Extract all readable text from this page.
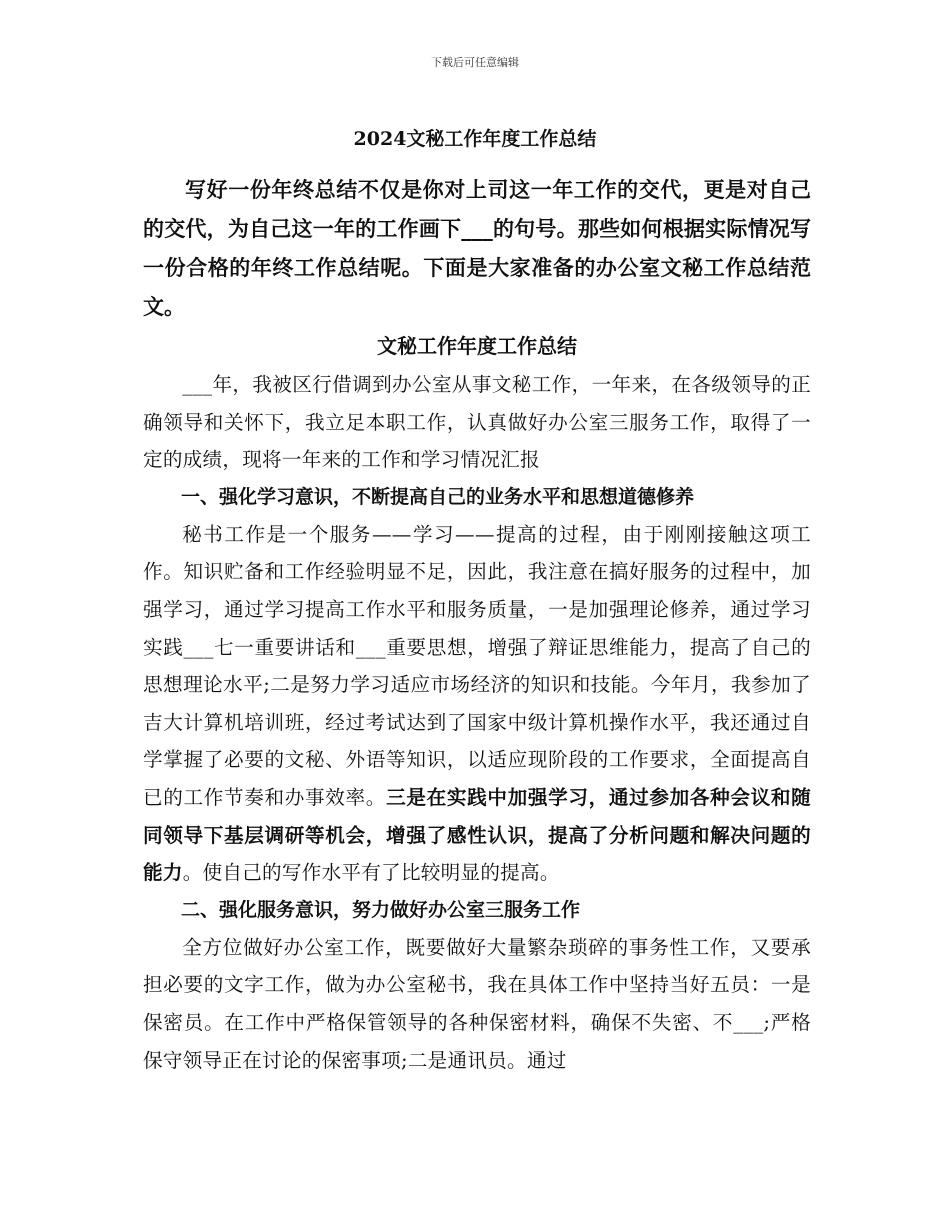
下载后可任意编辑
2024文秘工作年度工作总结

写好一份年终总结不仅是你对上司这一年工作的交代，更是对自己的交代，为自己这一年的工作画下___的句号。那些如何根据实际情况写一份合格的年终工作总结呢。下面是大家准备的办公室文秘工作总结范文。

文秘工作年度工作总结

___年，我被区行借调到办公室从事文秘工作，一年来，在各级领导的正确领导和关怀下，我立足本职工作，认真做好办公室三服务工作，取得了一定的成绩，现将一年来的工作和学习情况汇报

一、强化学习意识，不断提高自己的业务水平和思想道德修养

秘书工作是一个服务——学习——提高的过程，由于刚刚接触这项工作。知识贮备和工作经验明显不足，因此，我注意在搞好服务的过程中，加强学习，通过学习提高工作水平和服务质量，一是加强理论修养，通过学习实践___七一重要讲话和___重要思想，增强了辩证思维能力，提高了自己的思想理论水平;二是努力学习适应市场经济的知识和技能。今年月，我参加了吉大计算机培训班，经过考试达到了国家中级计算机操作水平，我还通过自学掌握了必要的文秘、外语等知识，以适应现阶段的工作要求，全面提高自已的工作节奏和办事效率。三是在实践中加强学习，通过参加各种会议和随同领导下基层调研等机会，增强了感性认识，提高了分析问题和解决问题的能力。使自己的写作水平有了比较明显的提高。

二、强化服务意识，努力做好办公室三服务工作

全方位做好办公室工作，既要做好大量繁杂琐碎的事务性工作，又要承担必要的文字工作，做为办公室秘书，我在具体工作中坚持当好五员：一是保密员。在工作中严格保管领导的各种保密材料，确保不失密、不___;严格保守领导正在讨论的保密事项;二是通讯员。通过
